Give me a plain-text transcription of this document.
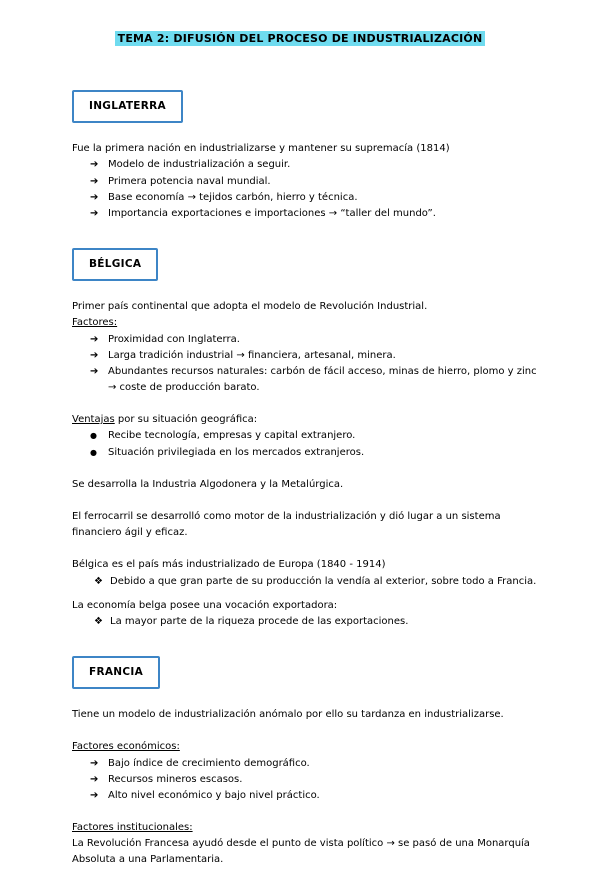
TEMA 2: DIFUSIÓN DEL PROCESO DE INDUSTRIALIZACIÓN
INGLATERRA

Fue la primera nación en industrializarse y mantener su supremacía (1814)

➔ Modelo de industrialización a seguir.
➔ Primera potencia naval mundial.
➔ Base economía → tejidos carbón, hierro y técnica.
➔ Importancia exportaciones e importaciones → “taller del mundo”.
BÉLGICA

Primer país continental que adopta el modelo de Revolución Industrial.

Factores:

➔ Proximidad con Inglaterra.
➔ Larga tradición industrial → financiera, artesanal, minera.
➔ Abundantes recursos naturales: carbón de fácil acceso, minas de hierro, plomo y zinc → coste de producción barato.

Ventajas por su situación geográfica:

●	Recibe tecnología, empresas y capital extranjero.
●	Situación privilegiada en los mercados extranjeros.

Se desarrolla la Industria Algodonera y la Metalúrgica.

El ferrocarril se desarrolló como motor de la industrialización y dió lugar a un sistema financiero ágil y eficaz.

Bélgica es el país más industrializado de Europa (1840 - 1914)

❖ Debido a que gran parte de su producción la vendía al exterior, sobre todo a Francia.

La economía belga posee una vocación exportadora:

❖ La mayor parte de la riqueza procede de las exportaciones.
FRANCIA

Tiene un modelo de industrialización anómalo por ello su tardanza en industrializarse.

Factores económicos:

➔ Bajo índice de crecimiento demográfico.
➔ Recursos mineros escasos.
➔ Alto nivel económico y bajo nivel práctico.

Factores institucionales:

La Revolución Francesa ayudó desde el punto de vista político → se pasó de una Monarquía Absoluta a una Parlamentaria.
